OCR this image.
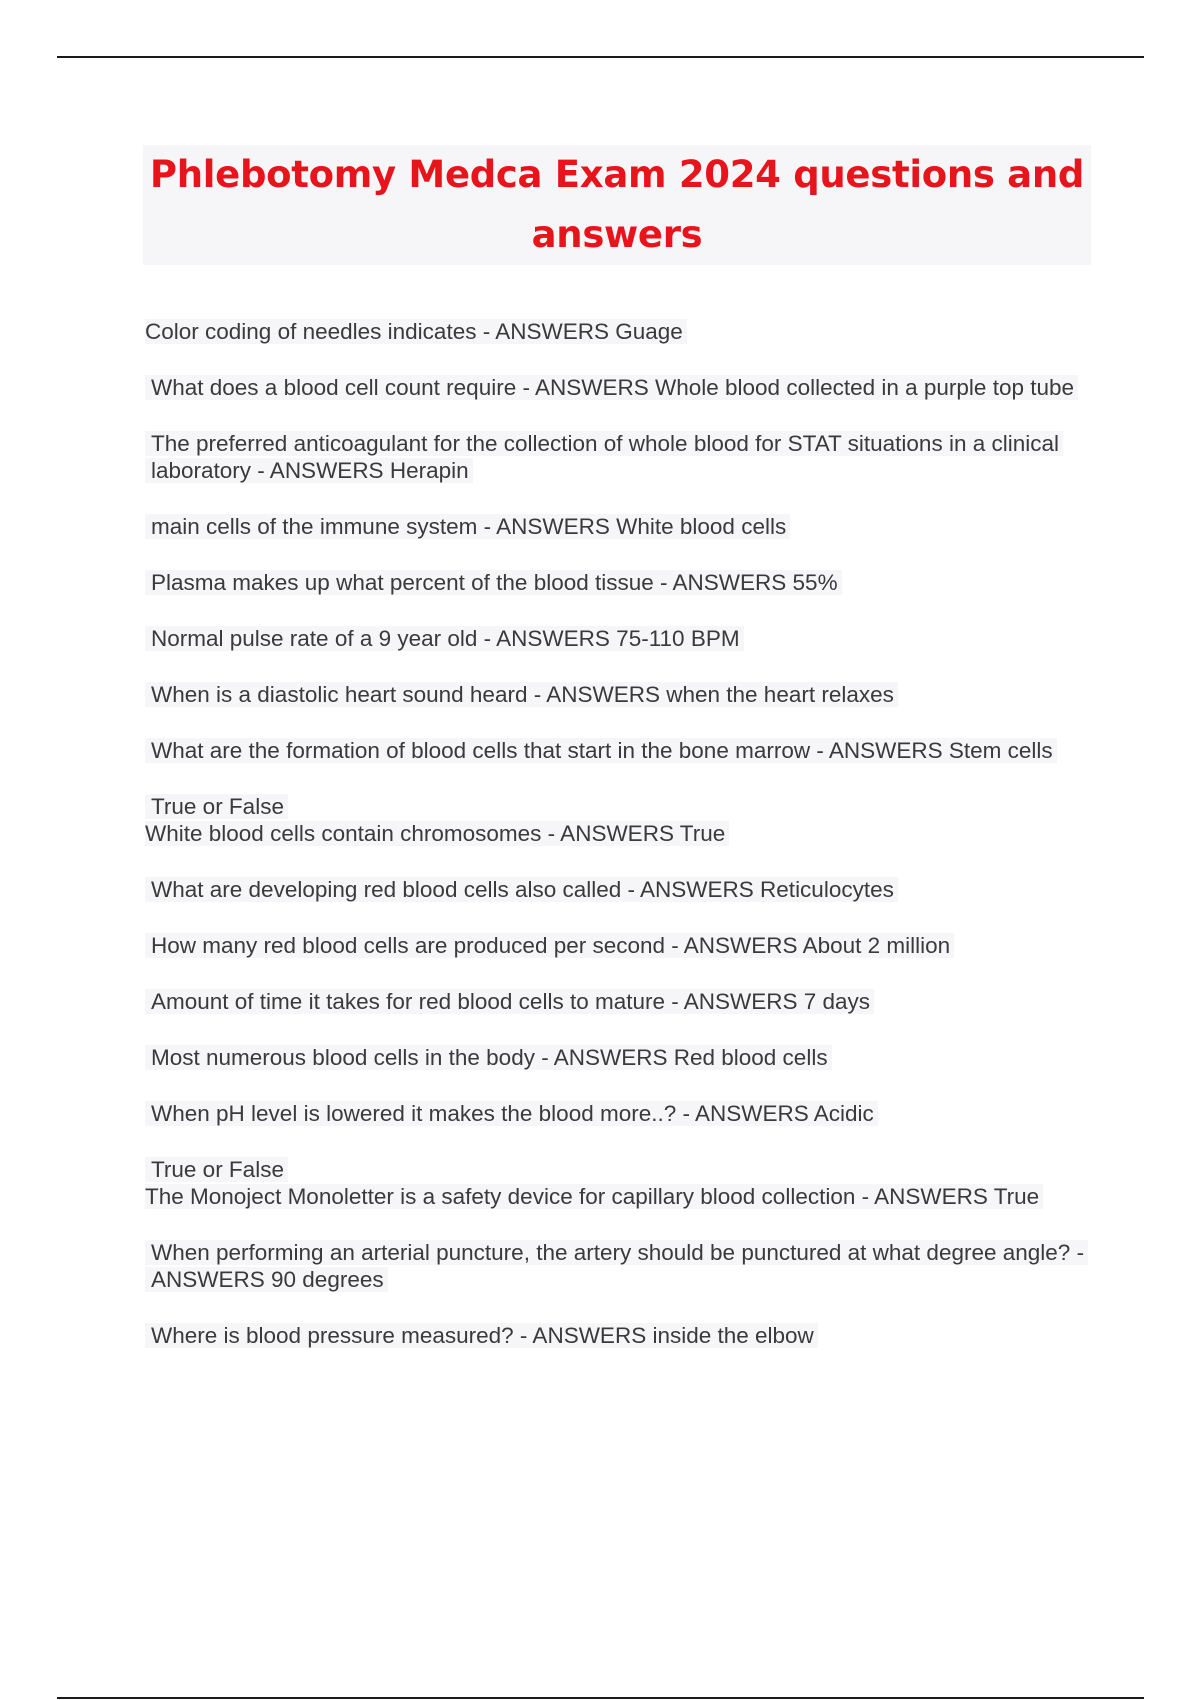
Phlebotomy Medca Exam 2024 questions and answers

Color coding of needles indicates - ANSWERS Guage

What does a blood cell count require - ANSWERS Whole blood collected in a purple top tube

The preferred anticoagulant for the collection of whole blood for STAT situations in a clinical laboratory - ANSWERS Herapin

main cells of the immune system - ANSWERS White blood cells

Plasma makes up what percent of the blood tissue - ANSWERS 55%

Normal pulse rate of a 9 year old - ANSWERS 75-110 BPM

When is a diastolic heart sound heard - ANSWERS when the heart relaxes

What are the formation of blood cells that start in the bone marrow - ANSWERS Stem cells

True or False
White blood cells contain chromosomes - ANSWERS True

What are developing red blood cells also called - ANSWERS Reticulocytes

How many red blood cells are produced per second - ANSWERS About 2 million

Amount of time it takes for red blood cells to mature - ANSWERS 7 days

Most numerous blood cells in the body - ANSWERS Red blood cells

When pH level is lowered it makes the blood more..? - ANSWERS Acidic

True or False
The Monoject Monoletter is a safety device for capillary blood collection - ANSWERS True

When performing an arterial puncture, the artery should be punctured at what degree angle? - ANSWERS 90 degrees

Where is blood pressure measured? - ANSWERS inside the elbow
